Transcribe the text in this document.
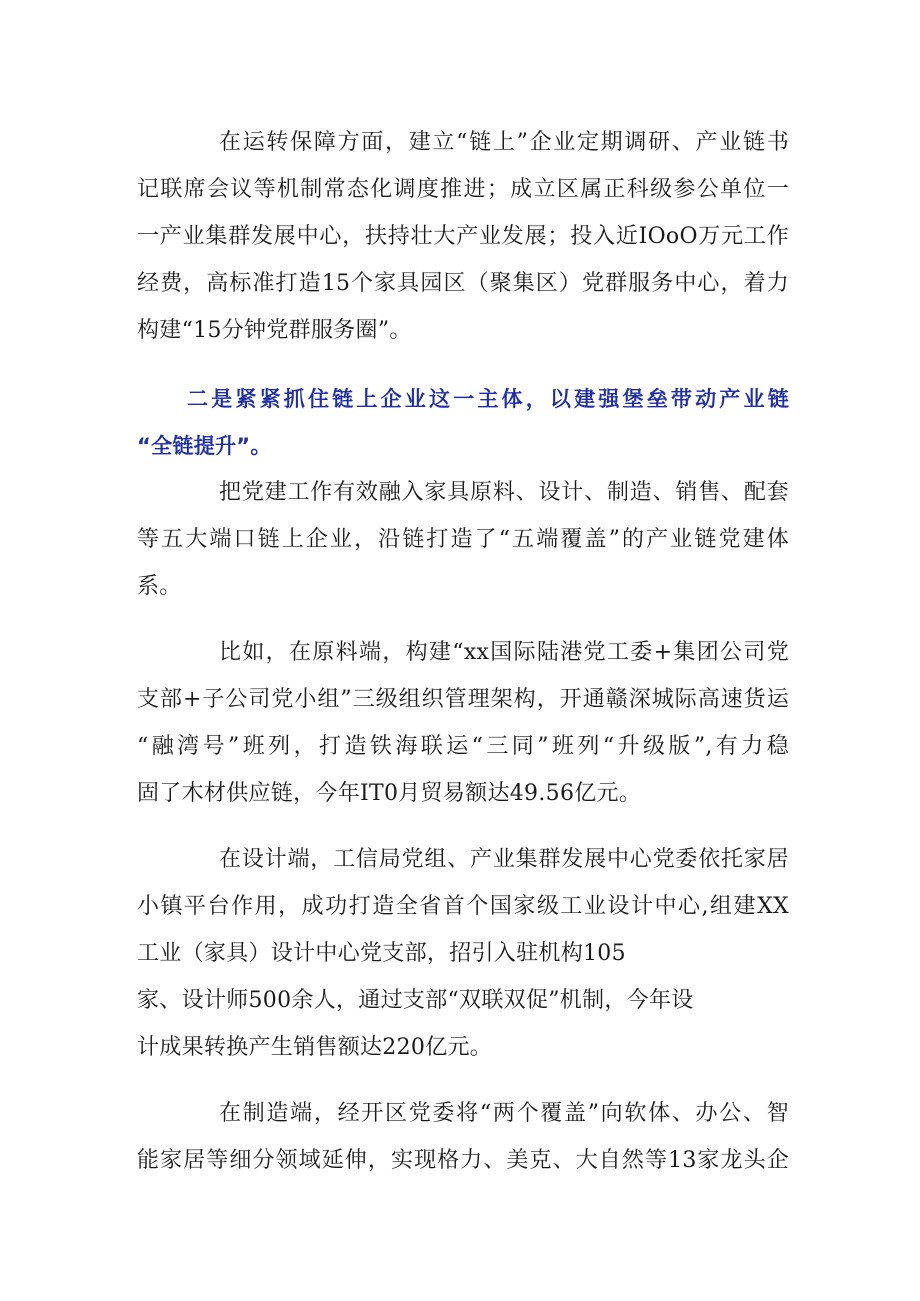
在运转保障方面，建立“链上”企业定期调研、产业链书
记联席会议等机制常态化调度推进；成立区属正科级参公单位一
一产业集群发展中心，扶持壮大产业发展；投入近IOoO万元工作
经费，高标准打造15个家具园区（聚集区）党群服务中心，着力
构建“15分钟党群服务圈”。
二是紧紧抓住链上企业这一主体，以建强堡垒带动产业链
“全链提升”。
把党建工作有效融入家具原料、设计、制造、销售、配套
等五大端口链上企业，沿链打造了“五端覆盖”的产业链党建体
系。
比如，在原料端，构建“xx国际陆港党工委+集团公司党
支部+子公司党小组”三级组织管理架构，开通赣深城际高速货运
“融湾号”班列，打造铁海联运“三同”班列“升级版”,有力稳
固了木材供应链，今年IT0月贸易额达49.56亿元。
在设计端，工信局党组、产业集群发展中心党委依托家居
小镇平台作用，成功打造全省首个国家级工业设计中心,组建XX
工业（家具）设计中心党支部，招引入驻机构105
家、设计师500余人，通过支部“双联双促”机制，今年设
计成果转换产生销售额达220亿元。
在制造端，经开区党委将“两个覆盖”向软体、办公、智
能家居等细分领域延伸，实现格力、美克、大自然等13家龙头企
